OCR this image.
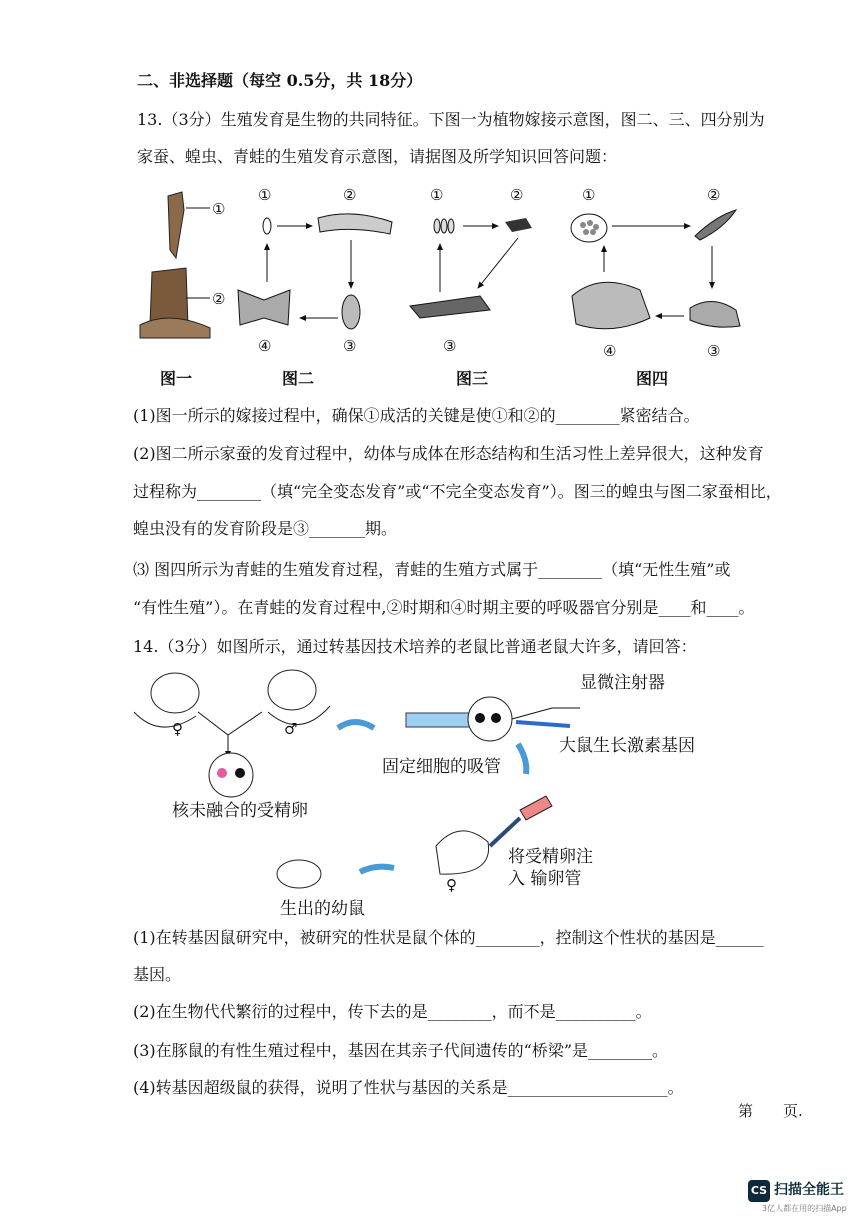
二、非选择题（每空 0.5分，共 18分）
13.（3分）生殖发育是生物的共同特征。下图一为植物嫁接示意图，图二、三、四分别为
家蚕、蝗虫、青蛙的生殖发育示意图，请据图及所学知识回答问题：
①
②
①	②
③
④
①	②
③
①	②
③
④
图一	图二	图三	图四
(1)图一所示的嫁接过程中，确保①成活的关键是使①和②的________紧密结合。
(2)图二所示家蚕的发育过程中，幼体与成体在形态结构和生活习性上差异很大，这种发育
过程称为________（填“完全变态发育”或“不完全变态发育”）。图三的蝗虫与图二家蚕相比，
蝗虫没有的发育阶段是③_______期。
⑶ 图四所示为青蛙的生殖发育过程，青蛙的生殖方式属于________（填“无性生殖”或
“有性生殖”）。在青蛙的发育过程中,②时期和④时期主要的呼吸器官分别是____和____。
14.（3分）如图所示，通过转基因技术培养的老鼠比普通老鼠大许多，请回答：
显微注射器
大鼠生长激素基因
固定细胞的吸管
核未融合的受精卵
将受精卵注
入 输卵管
生出的幼鼠
♀	♂
♀
(1)在转基因鼠研究中，被研究的性状是鼠个体的________，控制这个性状的基因是______
基因。
(2)在生物代代繁衍的过程中，传下去的是________，而不是__________。
(3)在豚鼠的有性生殖过程中，基因在其亲子代间遗传的“桥梁”是________。
(4)转基因超级鼠的获得，说明了性状与基因的关系是____________________。
第　　页.
CS 扫描全能王
3亿人都在用的扫描App
